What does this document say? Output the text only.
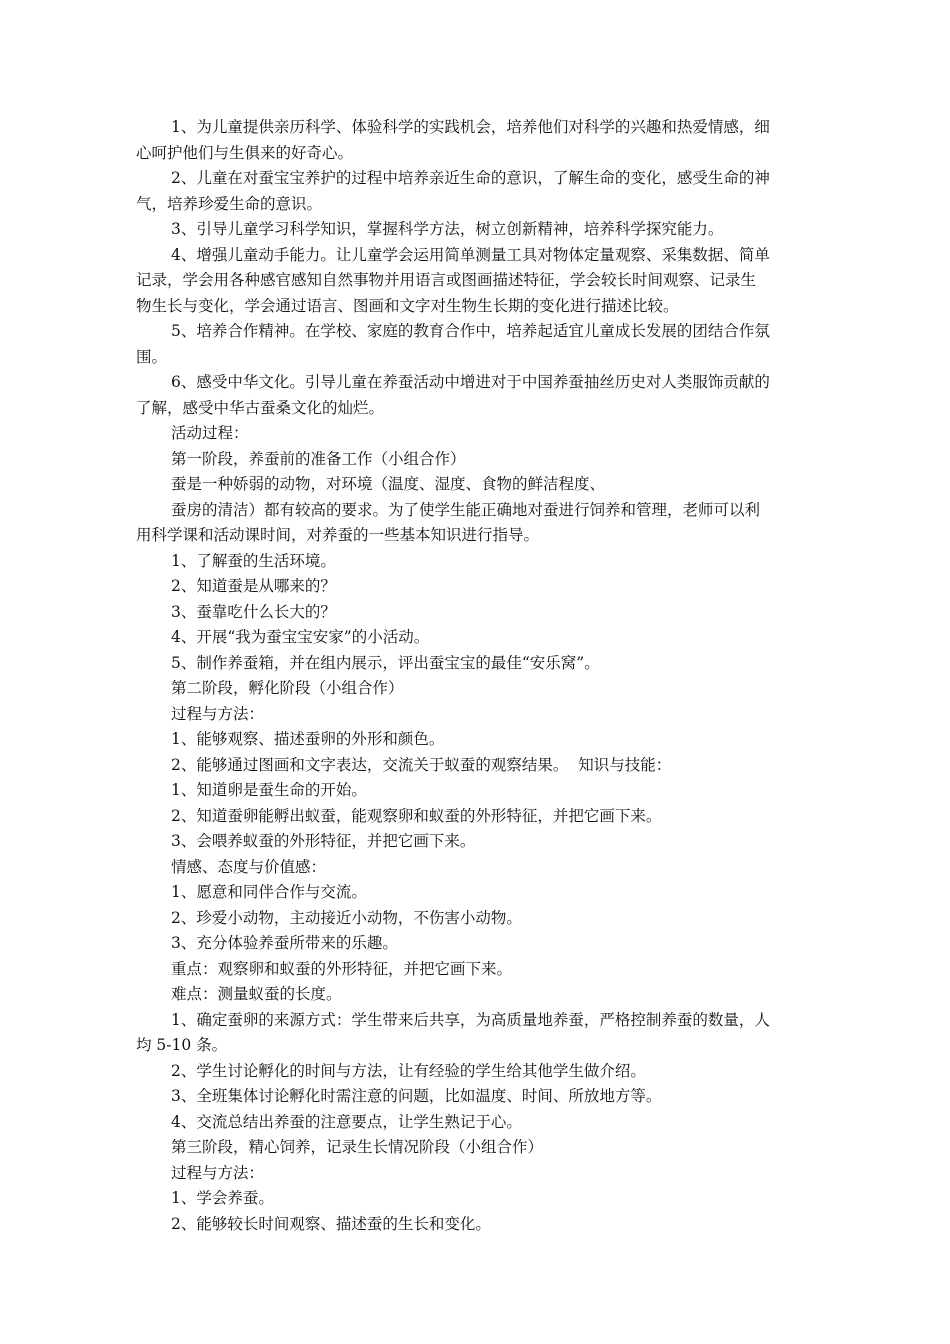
1、为儿童提供亲历科学、体验科学的实践机会，培养他们对科学的兴趣和热爱情感，细
心呵护他们与生俱来的好奇心。
2、儿童在对蚕宝宝养护的过程中培养亲近生命的意识，了解生命的变化，感受生命的神
气，培养珍爱生命的意识。
3、引导儿童学习科学知识，掌握科学方法，树立创新精神，培养科学探究能力。
4、增强儿童动手能力。让儿童学会运用简单测量工具对物体定量观察、采集数据、简单
记录，学会用各种感官感知自然事物并用语言或图画描述特征，学会较长时间观察、记录生
物生长与变化，学会通过语言、图画和文字对生物生长期的变化进行描述比较。
5、培养合作精神。在学校、家庭的教育合作中，培养起适宜儿童成长发展的团结合作氛
围。
6、感受中华文化。引导儿童在养蚕活动中增进对于中国养蚕抽丝历史对人类服饰贡献的
了解，感受中华古蚕桑文化的灿烂。
活动过程：
第一阶段，养蚕前的准备工作（小组合作）
蚕是一种娇弱的动物，对环境（温度、湿度、食物的鲜洁程度、
蚕房的清洁）都有较高的要求。为了使学生能正确地对蚕进行饲养和管理，老师可以利
用科学课和活动课时间，对养蚕的一些基本知识进行指导。
1、了解蚕的生活环境。
2、知道蚕是从哪来的？
3、蚕靠吃什么长大的？
4、开展“我为蚕宝宝安家”的小活动。
5、制作养蚕箱，并在组内展示，评出蚕宝宝的最佳“安乐窝”。
第二阶段，孵化阶段（小组合作）
过程与方法：
1、能够观察、描述蚕卵的外形和颜色。
2、能够通过图画和文字表达，交流关于蚁蚕的观察结果。  知识与技能：
1、知道卵是蚕生命的开始。
2、知道蚕卵能孵出蚁蚕，能观察卵和蚁蚕的外形特征，并把它画下来。
3、会喂养蚁蚕的外形特征，并把它画下来。
情感、态度与价值感：
1、愿意和同伴合作与交流。
2、珍爱小动物，主动接近小动物，不伤害小动物。
3、充分体验养蚕所带来的乐趣。
重点：观察卵和蚁蚕的外形特征，并把它画下来。
难点：测量蚁蚕的长度。
1、确定蚕卵的来源方式：学生带来后共享，为高质量地养蚕，严格控制养蚕的数量，人
均 5-10 条。
2、学生讨论孵化的时间与方法，让有经验的学生给其他学生做介绍。
3、全班集体讨论孵化时需注意的问题，比如温度、时间、所放地方等。
4、交流总结出养蚕的注意要点，让学生熟记于心。
第三阶段，精心饲养，记录生长情况阶段（小组合作）
过程与方法：
1、学会养蚕。
2、能够较长时间观察、描述蚕的生长和变化。
